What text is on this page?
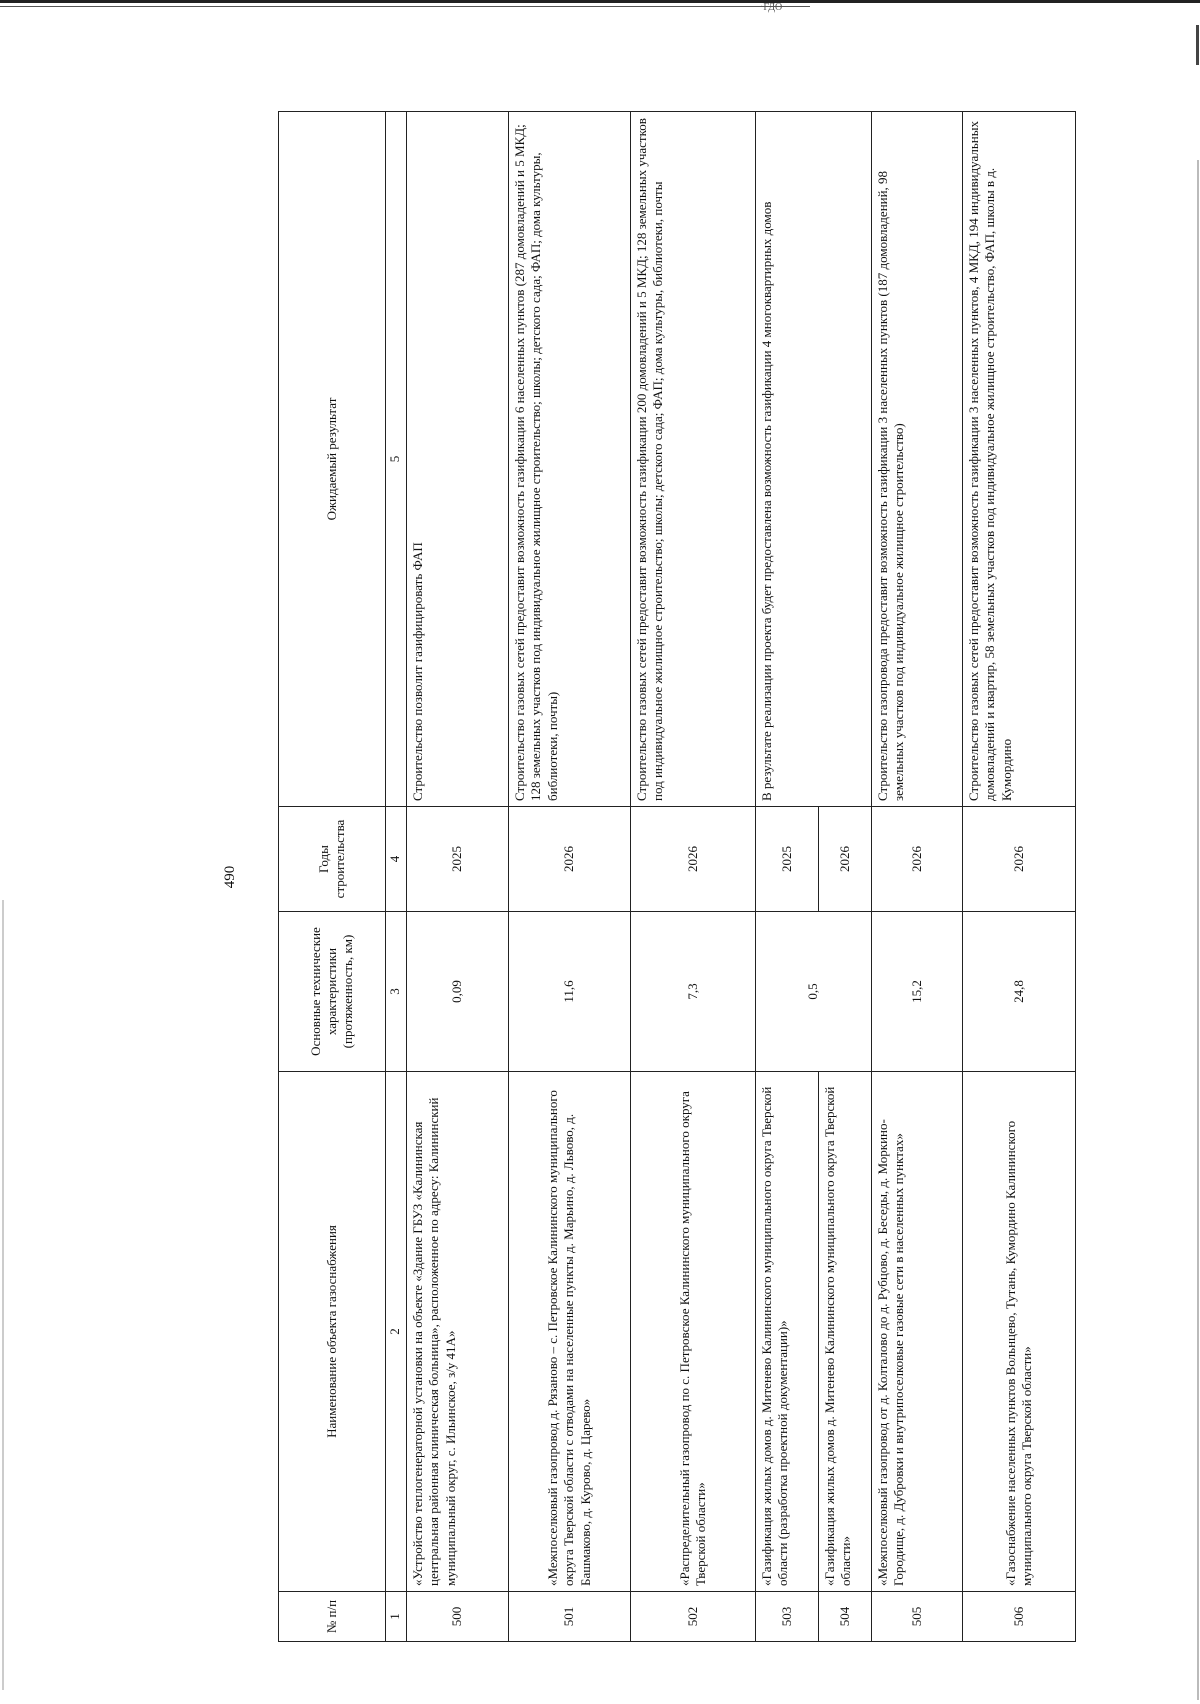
·ГДО
490
№ п/п	Наименование объекта газоснабжения	Основные технические характеристики (протяженность, км)	Годы строительства	Ожидаемый результат
1	2	3	4	5
500	«Устройство теплогенераторной установки на объекте «Здание ГБУЗ «Калининская центральная районная клиническая больница», расположенное по адресу: Калининский муниципальный округ, с. Ильинское, з/у 41А»	0,09	2025	Строительство позволит газифицировать ФАП
501	«Межпоселковый газопровод д. Рязаново – с. Петровское Калининского муниципального округа Тверской области с отводами на населенные пункты д. Марьино, д. Львово, д. Башмаково, д. Курово, д. Царево»	11,6	2026	Строительство газовых сетей предоставит возможность газификации 6 населенных пунктов (287 домовладений и 5 МКД; 128 земельных участков под индивидуальное жилищное строительство; школы; детского сада; ФАП; дома культуры, библиотеки, почты)
502	«Распределительный газопровод по с. Петровское Калининского муниципального округа Тверской области»	7,3	2026	Строительство газовых сетей предоставит возможность газификации 200 домовладений и 5 МКД; 128 земельных участков под индивидуальное жилищное строительство; школы; детского сада; ФАП; дома культуры, библиотеки, почты
503	«Газификация жилых домов д. Митенево Калининского муниципального округа Тверской области (разработка проектной документации)»	0,5	2025	В результате реализации проекта будет предоставлена возможность газификации 4 многоквартирных домов
504	«Газификация жилых домов д. Митенево Калининского муниципального округа Тверской области»		2026	
505	«Межпоселковый газопровод от д. Колталово до д. Рубцово, д. Беседы, д. Моркино-Городище, д. Дубровки и внутрипоселковые газовые сети в населенных пунктах»	15,2	2026	Строительство газопровода предоставит возможность газификации 3 населенных пунктов (187 домовладений, 98 земельных участков под индивидуальное жилищное строительство)
506	«Газоснабжение населенных пунктов Вольнцево, Тутань, Кумордино Калининского муниципального округа Тверской области»	24,8	2026	Строительство газовых сетей предоставит возможность газификации 3 населенных пунктов, 4 МКД, 194 индивидуальных домовладений и квартир, 58 земельных участков под индивидуальное жилищное строительство, ФАП, школы в д. Кумордино
